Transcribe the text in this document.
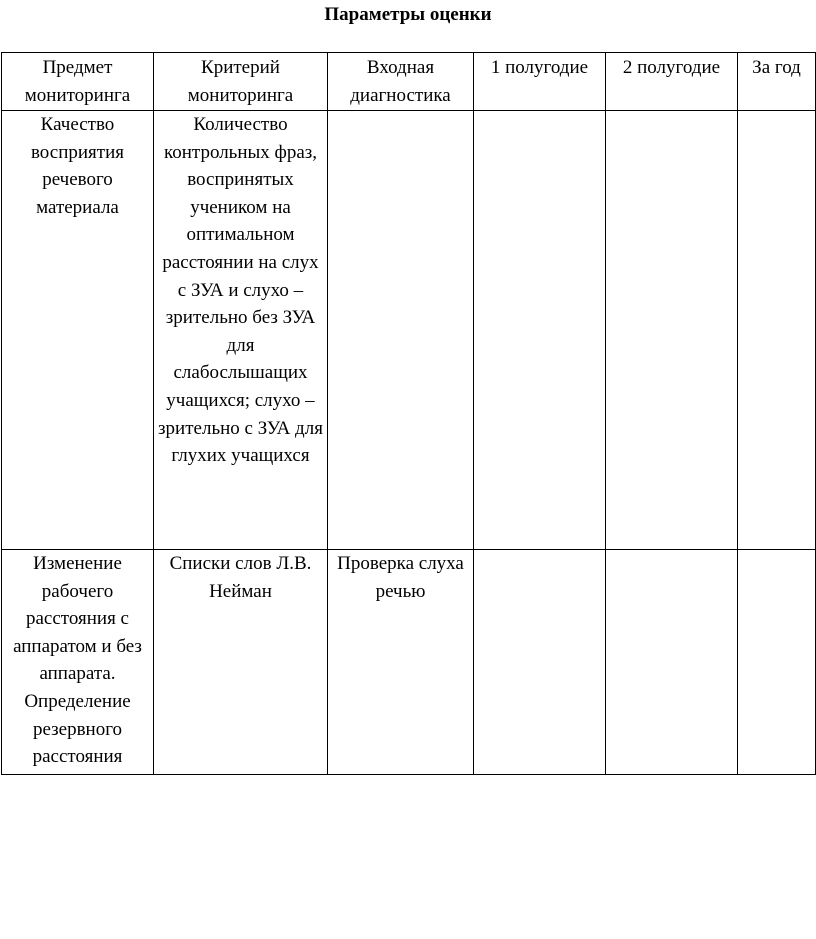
Параметры оценки
Предмет мониторинга	Критерий мониторинга	Входная диагностика	1 полугодие	2 полугодие	За год

Качество восприятия речевого материала	Количество контрольных фраз, воспринятых учеником на оптимальном расстоянии на слух с ЗУА и слухо – зрительно без ЗУА для слабослышащих учащихся; слухо – зрительно с ЗУА для глухих учащихся				

Изменение рабочего расстояния с аппаратом и без аппарата. Определение резервного расстояния	Списки слов Л.В. Нейман	Проверка слуха речью			
